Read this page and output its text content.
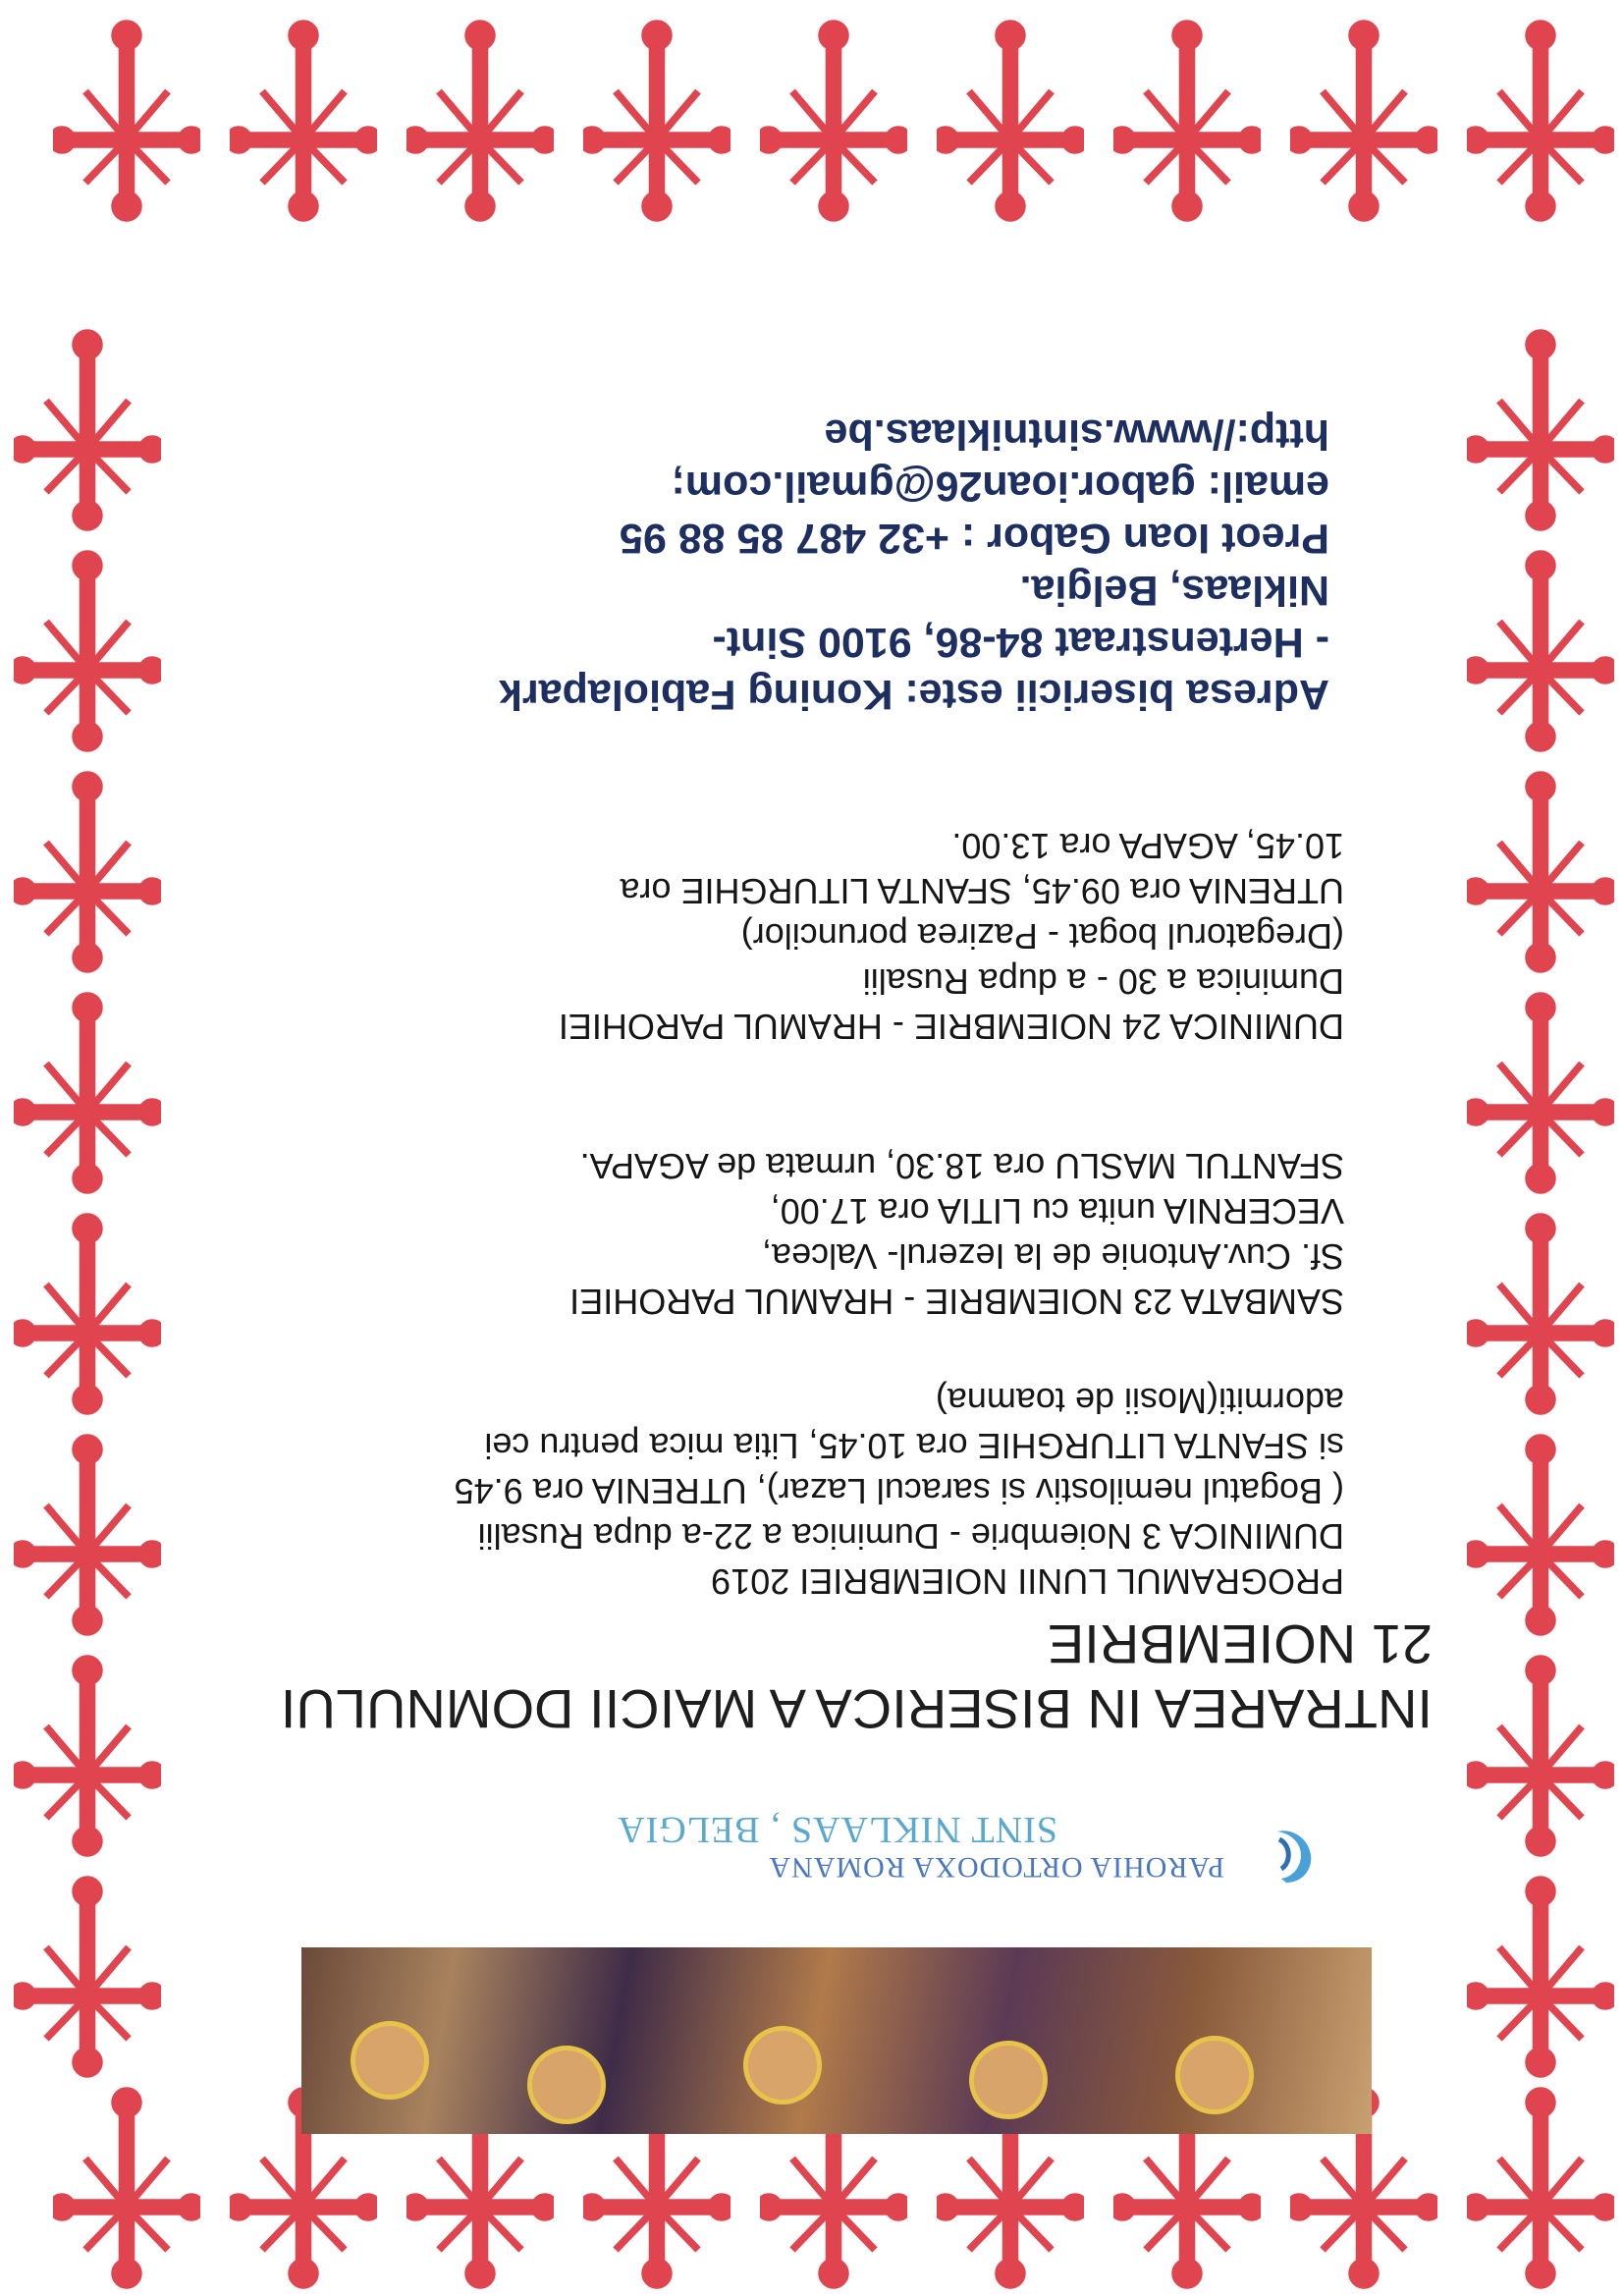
PAROHIA ORTODOXA ROMANA
SINT NIKLAAS , BELGIA
INTRAREA IN BISERICA A MAICII DOMNULUI
21 NOIEMBRIE
PROGRAMUL LUNII NOIEMBRIEI 2019
DUMINICA 3 Noiembrie - Duminica a 22-a dupa Rusalii
( Bogatul nemilostiv si saracul Lazar), UTRENIA ora 9.45
si SFANTA LITURGHIE ora 10.45, Litia mica pentru cei
adormiti(Mosii de toamna)
SAMBATA 23 NOIEMBRIE - HRAMUL PAROHIEI
Sf. Cuv.Antonie de la Iezerul- Valcea,
VECERNIA unita cu LITIA ora 17.00,
SFANTUL MASLU ora 18.30, urmata de AGAPA.
DUMINICA 24 NOIEMBRIE - HRAMUL PAROHIEI
Duminica a 30 - a dupa Rusalii
(Dregatorul bogat - Pazirea poruncilor)
UTRENIA ora 09.45, SFANTA LITURGHIE ora
10.45, AGAPA ora 13.00.
Adresa bisericii este: Koning Fabiolapark
- Hertenstraat 84-86, 9100 Sint-
Niklaas, Belgia.
Preot Ioan Gabor : +32 487 85 88 95
email: gabor.ioan26@gmail.com;
http://www.sintniklaas.be
